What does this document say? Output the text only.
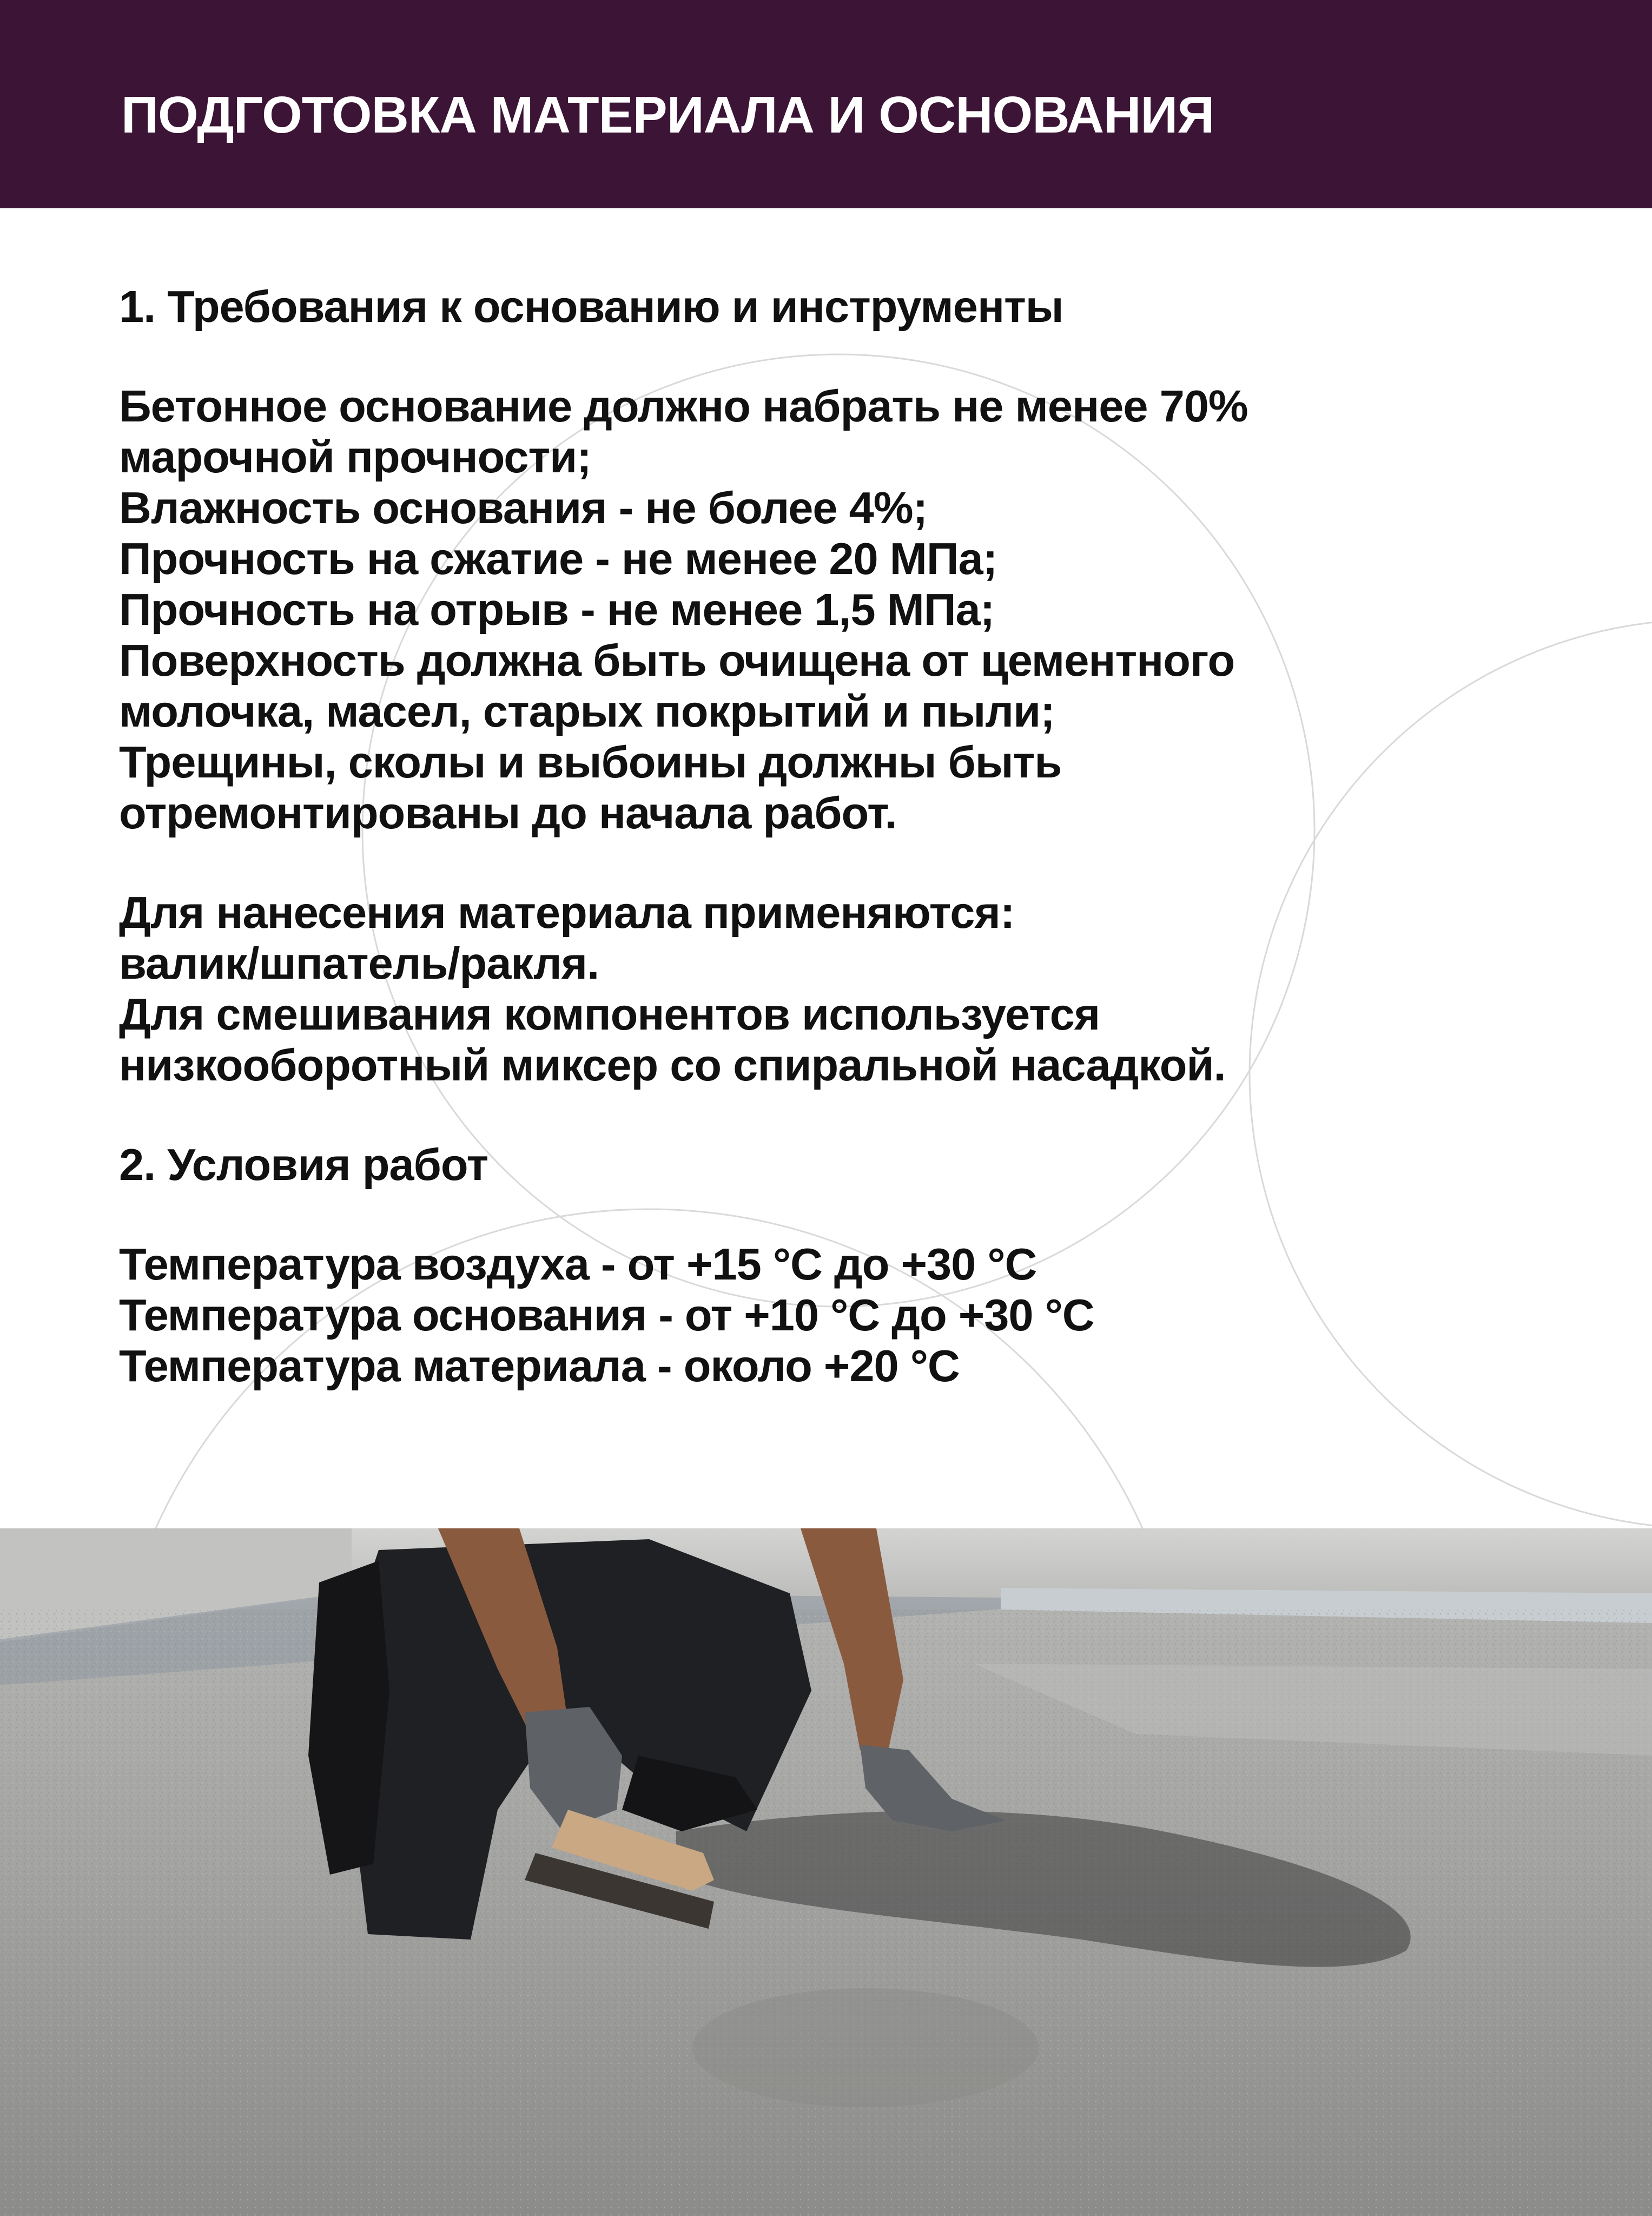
ПОДГОТОВКА МАТЕРИАЛА И ОСНОВАНИЯ
1. Требования к основанию и инструменты
Бетонное основание должно набрать не менее 70%
марочной прочности;
Влажность основания - не более 4%;
Прочность на сжатие - не менее 20 МПа;
Прочность на отрыв - не менее 1,5 МПа;
Поверхность должна быть очищена от цементного
молочка, масел, старых покрытий и пыли;
Трещины, сколы и выбоины должны быть
отремонтированы до начала работ.
Для нанесения материала применяются:
валик/шпатель/ракля.
Для смешивания компонентов используется
низкооборотный миксер со спиральной насадкой.
2. Условия работ
Температура воздуха - от +15 °C до +30 °C
Температура основания - от +10 °C до +30 °C
Температура материала - около +20 °C
